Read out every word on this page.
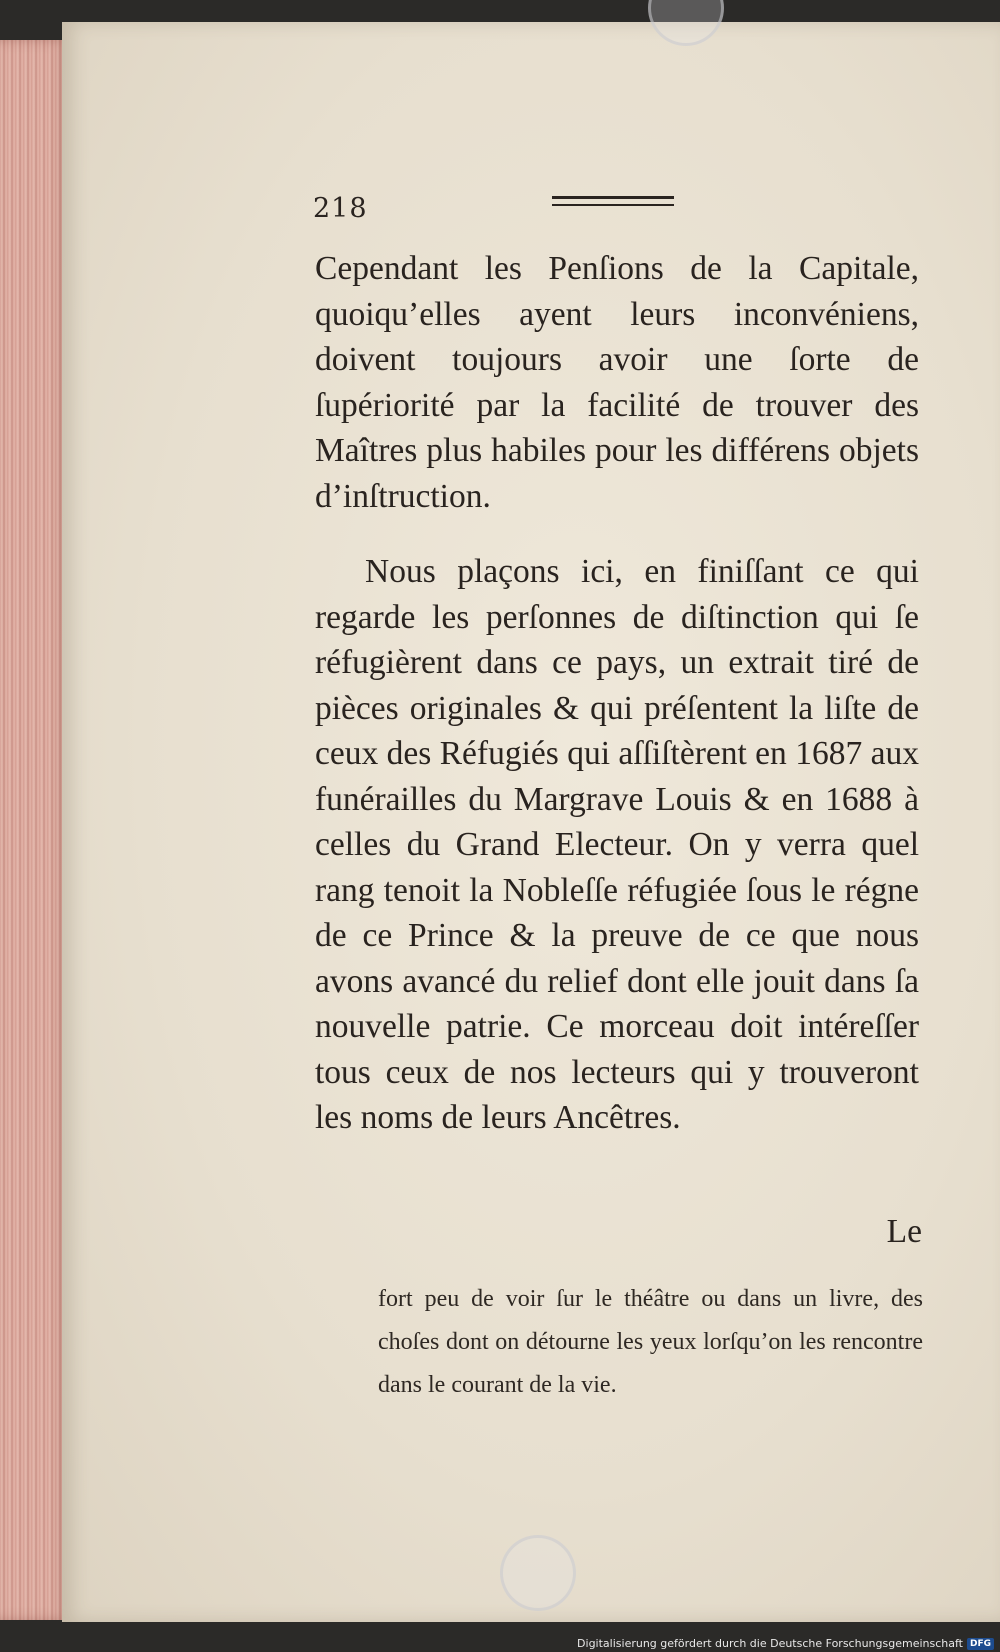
218

Cependant les Penſions de la Capitale, quoiqu’elles ayent leurs inconvéniens, doivent toujours avoir une ſorte de ſupériorité par la facilité de trouver des Maîtres plus habiles pour les différens objets d’inſtruction.

Nous plaçons ici, en finiſſant ce qui regarde les perſonnes de diſtinction qui ſe réfugièrent dans ce pays, un extrait tiré de pièces originales & qui préſentent la liſte de ceux des Réfugiés qui aſſiſtèrent en 1687 aux funérailles du Margrave Louis & en 1688 à celles du Grand Electeur. On y verra quel rang tenoit la Nobleſſe réfugiée ſous le régne de ce Prince & la preuve de ce que nous avons avancé du relief dont elle jouit dans ſa nouvelle patrie. Ce morceau doit intéreſſer tous ceux de nos lecteurs qui y trouveront les noms de leurs Ancêtres.

Le
fort peu de voir ſur le théâtre ou dans un livre, des choſes dont on détourne les yeux lorſqu’on les rencontre dans le courant de la vie.
Digitalisierung gefördert durch die Deutsche Forschungsgemeinschaft DFG
